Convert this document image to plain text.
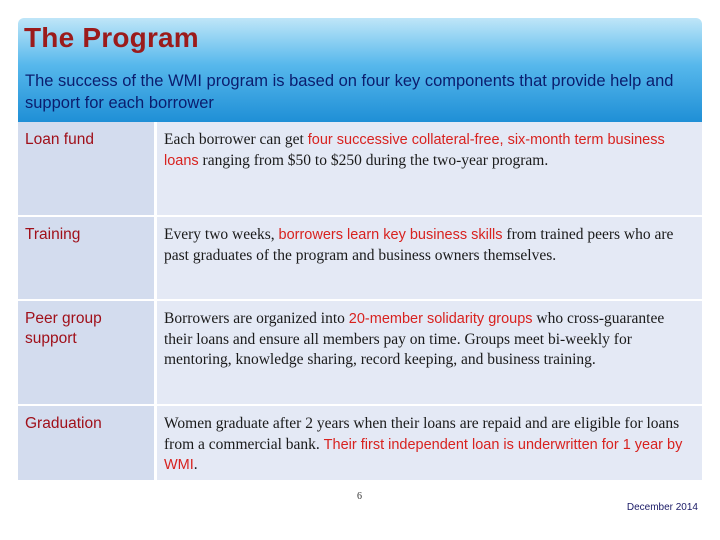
The Program
The success of the WMI program is based on four key components that provide help and support for each borrower
Loan fund	Each borrower can get four successive collateral-free, six-month term business loans ranging from $50 to $250 during the two-year program.

Training	Every two weeks, borrowers learn key business skills from trained peers who are past graduates of the program and business owners themselves.

Peer group support	Borrowers are organized into 20-member solidarity groups who cross-guarantee their loans and ensure all members pay on time. Groups meet bi-weekly for mentoring, knowledge sharing, record keeping, and business training.

Graduation	Women graduate after 2 years when their loans are repaid and are eligible for loans from a commercial bank. Their first independent loan is underwritten for 1 year by WMI.
6
December 2014
